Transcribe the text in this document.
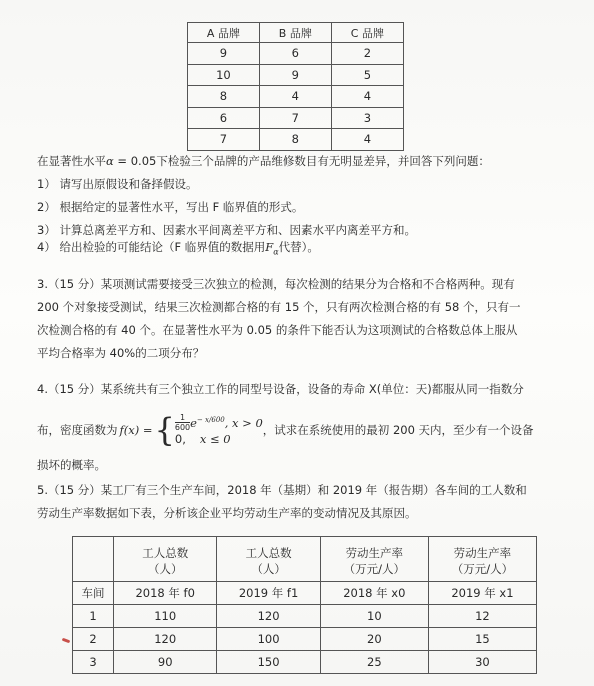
A 品牌	B 品牌	C 品牌
9	6	2
10	9	5
8	4	4
6	7	3
7	8	4
在显著性水平α = 0.05下检验三个品牌的产品维修数目有无明显差异，并回答下列问题：
1） 请写出原假设和备择假设。
2） 根据给定的显著性水平，写出 F 临界值的形式。
3） 计算总离差平方和、因素水平间离差平方和、因素水平内离差平方和。
4） 给出检验的可能结论（F 临界值的数据用$F_\alpha$代替）。
3.（15 分）某项测试需要接受三次独立的检测，每次检测的结果分为合格和不合格两种。现有
200 个对象接受测试，结果三次检测都合格的有 15 个，只有两次检测合格的有 58 个，只有一
次检测合格的有 40 个。在显著性水平为 0.05 的条件下能否认为这项测试的合格数总体上服从
平均合格率为 40%的二项分布？
4.（15 分）某系统共有三个独立工作的同型号设备，设备的寿命 X(单位：天)都服从同一指数分
布，密度函数为 f(x) = { $\frac{1}{600} e^{- x/600}$, x > 0
0, x ≤ 0
，试求在系统使用的最初 200 天内，至少有一个设备
损坏的概率。
5.（15 分）某工厂有三个生产车间，2018 年（基期）和 2019 年（报告期）各车间的工人数和
劳动生产率数据如下表，分析该企业平均劳动生产率的变动情况及其原因。
	工人总数	工人总数	劳动生产率	劳动生产率
	（人）	（人）	（万元/人）	（万元/人）
车间	2018 年 f0	2019 年 f1	2018 年 x0	2019 年 x1
1	110	120	10	12
2	120	100	20	15
3	90	150	25	30
